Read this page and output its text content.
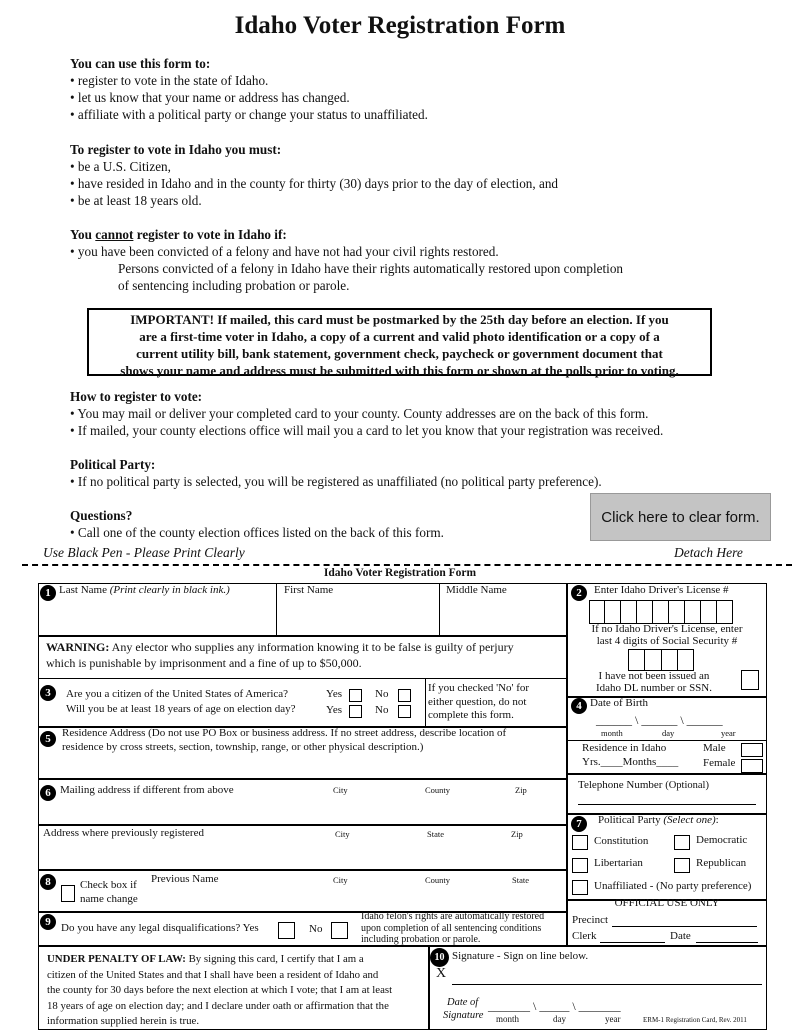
Idaho Voter Registration Form
You can use this form to:
• register to vote in the state of Idaho.
• let us know that your name or address has changed.
• affiliate with a political party or change your status to unaffiliated.
To register to vote in Idaho you must:
• be a U.S. Citizen,
• have resided in Idaho and in the county for thirty (30) days prior to the day of election, and
• be at least 18 years old.
You cannot register to vote in Idaho if:
• you have been convicted of a felony and have not had your civil rights restored.
Persons convicted of a felony in Idaho have their rights automatically restored upon completion
of sentencing including probation or parole.
IMPORTANT! If mailed, this card must be postmarked by the 25th day before an election. If you
are a first-time voter in Idaho, a copy of a current and valid photo identification or a copy of a
current utility bill, bank statement, government check, paycheck or government document that
shows your name and address must be submitted with this form or shown at the polls prior to voting.
How to register to vote:
• You may mail or deliver your completed card to your county. County addresses are on the back of this form.
• If mailed, your county elections office will mail you a card to let you know that your registration was received.
Political Party:
• If no political party is selected, you will be registered as unaffiliated (no political party preference).
Questions?
• Call one of the county election offices listed on the back of this form.
Click here to clear form.
Use Black Pen - Please Print Clearly	Detach Here
Idaho Voter Registration Form
1	2
3
4
5
6
7
8
9
10
Last Name (Print clearly in black ink.)	First Name	Middle Name
WARNING: Any elector who supplies any information knowing it to be false is guilty of perjury
which is punishable by imprisonment and a fine of up to $50,000.
Enter Idaho Driver's License #
If no Idaho Driver's License, enter
last 4 digits of Social Security #
I have not been issued an
Idaho DL number or SSN.
Are you a citizen of the United States of America?
Will you be at least 18 years of age on election day?
Yes	No
Yes	No
If you checked 'No' for
either question, do not
complete this form.
Date of Birth
______ \ ______ \ ______
month	day	year
Residence Address (Do not use PO Box or business address. If no street address, describe location of
residence by cross streets, section, township, range, or other physical description.)	Residence in Idaho
Yrs.____Months____
Male
Female
Mailing address if different from above	City	County	Zip	Telephone Number (Optional)
Address where previously registered	City	State	Zip
Political Party (Select one):
Constitution	Democratic
Libertarian	Republican
Unaffiliated - (No party preference)
Check box if
name change
Previous Name	City	County	State
OFFICIAL USE ONLY
Precinct
Clerk	Date
Do you have any legal disqualifications? Yes	No
Idaho felon's rights are automatically restored
upon completion of all sentencing conditions
including probation or parole.
UNDER PENALTY OF LAW: By signing this card, I certify that I am a
citizen of the United States and that I shall have been a resident of Idaho and
the county for 30 days before the next election at which I vote; that I am at least
18 years of age on election day; and I declare under oath or affirmation that the
information supplied herein is true.
Signature - Sign on line below.
X
Date of
Signature
_______ \ _____ \ _______
month	day	year	ERM-1 Registration Card, Rev. 2011
